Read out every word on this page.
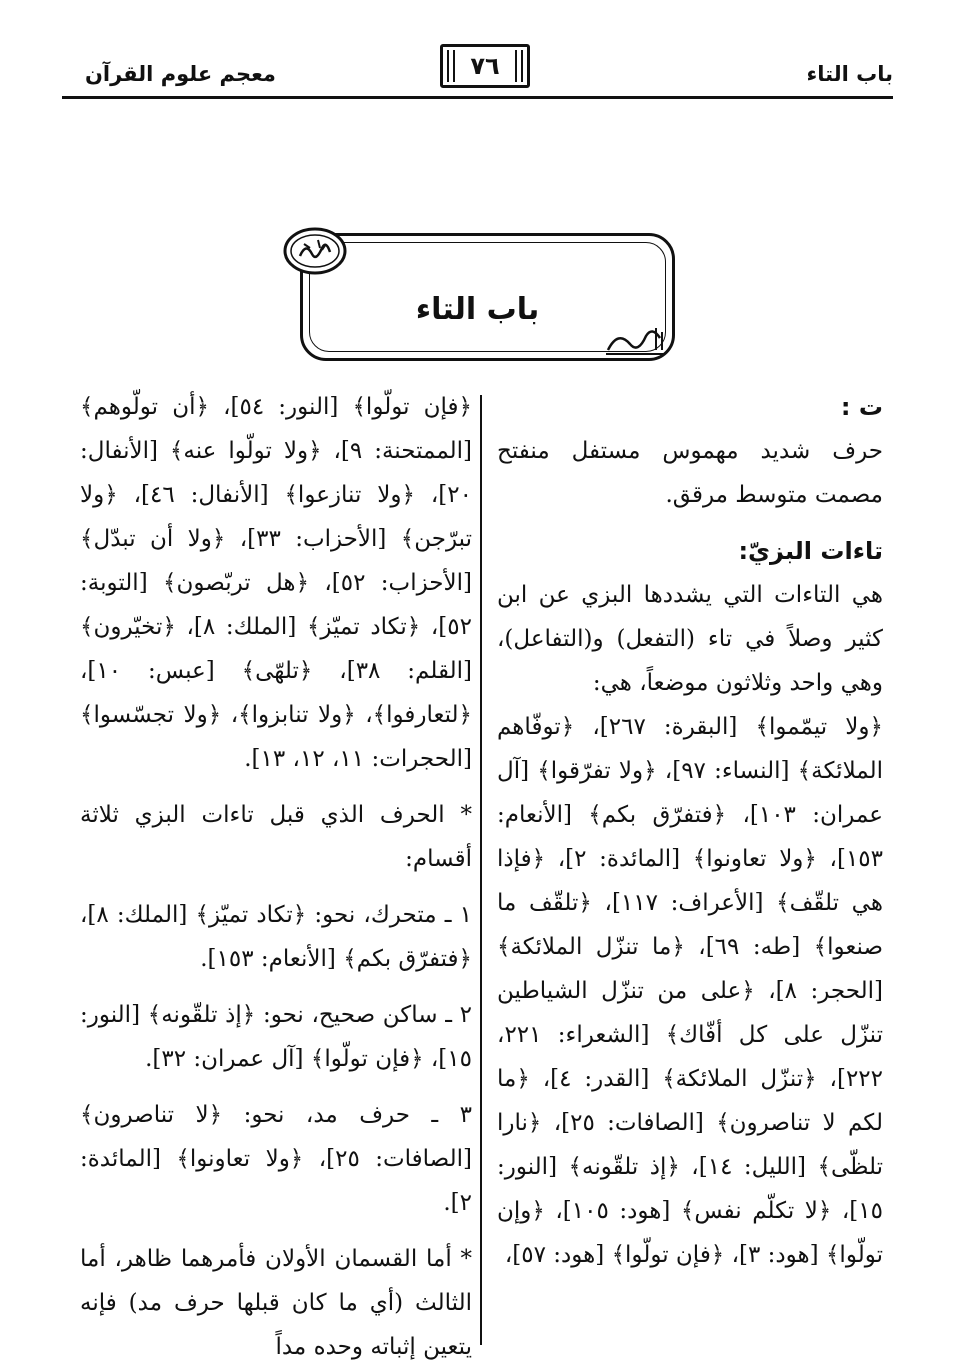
باب التاء
٧٦
معجم علوم القرآن
باب التاء

ت :

حرف شديد مهموس مستفل منفتح مصمت متوسط مرقق.

تاءات البزيّ:

هي التاءات التي يشددها البزي عن ابن كثير وصلاً في تاء (التفعل) و(التفاعل)، وهي واحد وثلاثون موضعاً، هي:

﴿ولا تيمّموا﴾ [البقرة: ٢٦٧]، ﴿توفّاهم الملائكة﴾ [النساء: ٩٧]، ﴿ولا تفرّقوا﴾ [آل عمران: ١٠٣]، ﴿فتفرّق بكم﴾ [الأنعام: ١٥٣]، ﴿ولا تعاونوا﴾ [المائدة: ٢]، ﴿فإذا هي تلقّف﴾ [الأعراف: ١١٧]، ﴿تلقّف ما صنعوا﴾ [طه: ٦٩]، ﴿ما تنزّل الملائكة﴾ [الحجر: ٨]، ﴿على من تنزّل الشياطين تنزّل على كل أفّاك﴾ [الشعراء: ٢٢١، ٢٢٢]، ﴿تنزّل الملائكة﴾ [القدر: ٤]، ﴿ما لكم لا تناصرون﴾ [الصافات: ٢٥]، ﴿نارا تلظّى﴾ [الليل: ١٤]، ﴿إذ تلقّونه﴾ [النور: ١٥]، ﴿لا تكلّم نفس﴾ [هود: ١٠٥]، ﴿وإن تولّوا﴾ [هود: ٣]، ﴿فإن تولّوا﴾ [هود: ٥٧]،

﴿فإن تولّوا﴾ [النور: ٥٤]، ﴿أن تولّوهم﴾ [الممتحنة: ٩]، ﴿ولا تولّوا عنه﴾ [الأنفال: ٢٠]، ﴿ولا تنازعوا﴾ [الأنفال: ٤٦]، ﴿ولا تبرّجن﴾ [الأحزاب: ٣٣]، ﴿ولا أن تبدّل﴾ [الأحزاب: ٥٢]، ﴿هل تربّصون﴾ [التوبة: ٥٢]، ﴿تكاد تميّز﴾ [الملك: ٨]، ﴿تخيّرون﴾ [القلم: ٣٨]، ﴿تلهّى﴾ [عبس: ١٠]، ﴿لتعارفوا﴾، ﴿ولا تنابزوا﴾، ﴿ولا تجسّسوا﴾ [الحجرات: ١١، ١٢، ١٣].

* الحرف الذي قبل تاءات البزي ثلاثة أقسام:

١ ـ متحرك، نحو: ﴿تكاد تميّز﴾ [الملك: ٨]، ﴿فتفرّق بكم﴾ [الأنعام: ١٥٣].

٢ ـ ساكن صحيح، نحو: ﴿إذ تلقّونه﴾ [النور: ١٥]، ﴿فإن تولّوا﴾ [آل عمران: ٣٢].

٣ ـ حرف مد، نحو: ﴿لا تناصرون﴾ [الصافات: ٢٥]، ﴿ولا تعاونوا﴾ [المائدة: ٢].

* أما القسمان الأولان فأمرهما ظاهر، أما الثالث (أي ما كان قبلها حرف مد) فإنه يتعين إثباته وحده مداً
